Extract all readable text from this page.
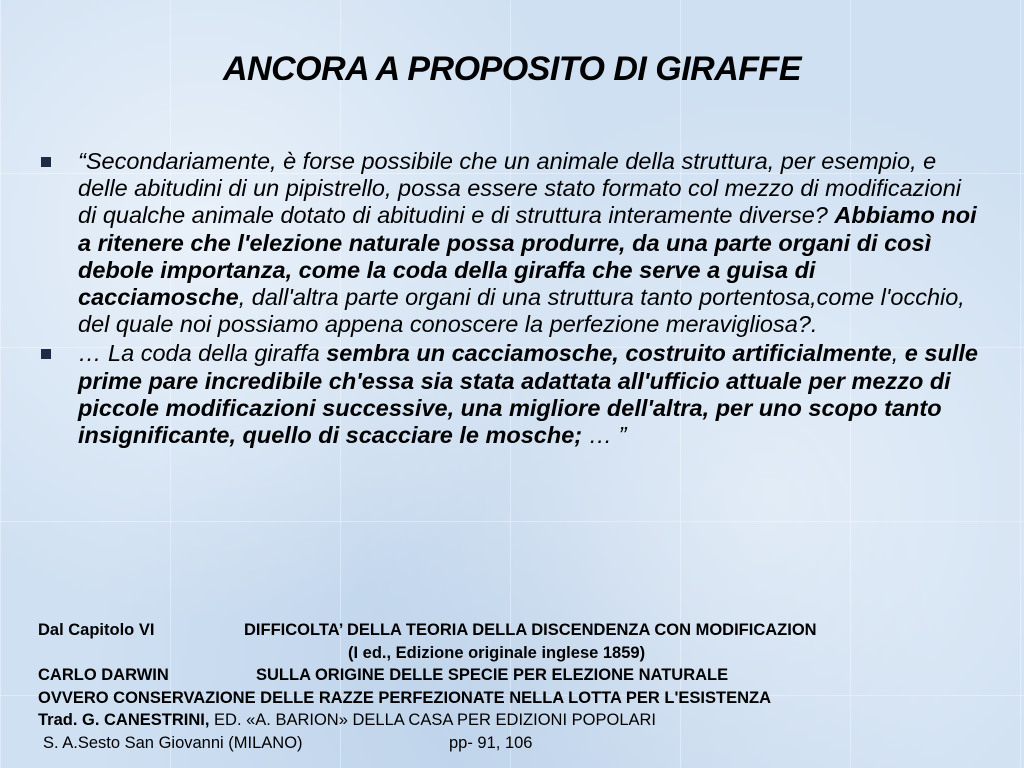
ANCORA A PROPOSITO DI GIRAFFE
“Secondariamente, è forse possibile che un animale della struttura, per esempio, e delle abitudini di un pipistrello, possa essere stato formato col mezzo di modificazioni di qualche animale dotato di abitudini e di struttura interamente diverse? Abbiamo noi a ritenere che l'elezione naturale possa produrre, da una parte organi di così debole importanza, come la coda della giraffa che serve a guisa di cacciamosche, dall'altra parte organi di una struttura tanto portentosa,come l'occhio, del quale noi possiamo appena conoscere la perfezione meravigliosa?.
… La coda della giraffa sembra un cacciamosche, costruito artificialmente, e sulle prime pare incredibile ch'essa sia stata adattata all'ufficio attuale per mezzo di piccole modificazioni successive, una migliore dell'altra, per uno scopo tanto insignificante, quello di scacciare le mosche; … ”
Dal Capitolo VI	DIFFICOLTA’ DELLA TEORIA DELLA DISCENDENZA CON MODIFICAZION
(I ed., Edizione originale inglese 1859)
CARLO DARWIN	SULLA ORIGINE DELLE SPECIE PER ELEZIONE NATURALE
OVVERO CONSERVAZIONE DELLE RAZZE PERFEZIONATE NELLA LOTTA PER L'ESISTENZA
Trad. G. CANESTRINI, ED. «A. BARION» DELLA CASA PER EDIZIONI POPOLARI
S. A.Sesto San Giovanni (MILANO)	pp- 91, 106
